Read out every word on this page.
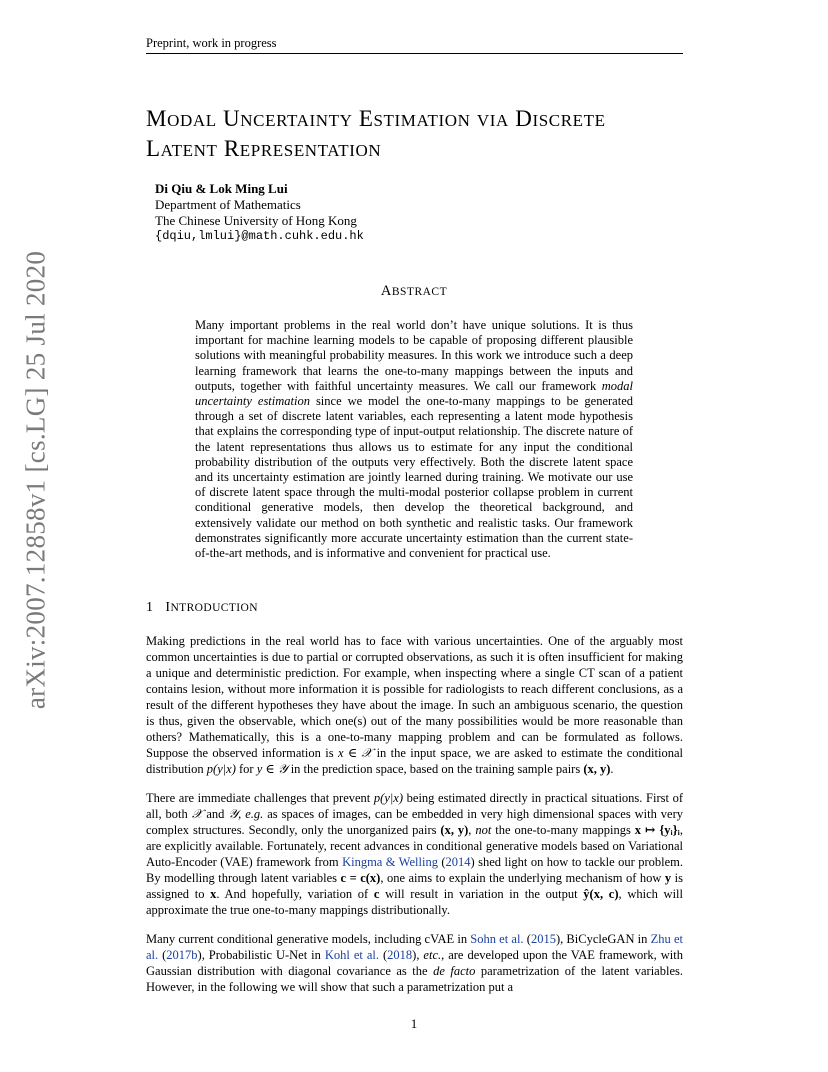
Preprint, work in progress
arXiv:2007.12858v1 [cs.LG] 25 Jul 2020
MODAL UNCERTAINTY ESTIMATION VIA DISCRETE
LATENT REPRESENTATION
Di Qiu & Lok Ming Lui
Department of Mathematics
The Chinese University of Hong Kong
{dqiu,lmlui}@math.cuhk.edu.hk
ABSTRACT
Many important problems in the real world don’t have unique solutions. It is thus important for machine learning models to be capable of proposing different plausible solutions with meaningful probability measures. In this work we introduce such a deep learning framework that learns the one-to-many mappings between the inputs and outputs, together with faithful uncertainty measures. We call our framework modal uncertainty estimation since we model the one-to-many mappings to be generated through a set of discrete latent variables, each representing a latent mode hypothesis that explains the corresponding type of input-output relationship. The discrete nature of the latent representations thus allows us to estimate for any input the conditional probability distribution of the outputs very effectively. Both the discrete latent space and its uncertainty estimation are jointly learned during training. We motivate our use of discrete latent space through the multi-modal posterior collapse problem in current conditional generative models, then develop the theoretical background, and extensively validate our method on both synthetic and realistic tasks. Our framework demonstrates significantly more accurate uncertainty estimation than the current state-of-the-art methods, and is informative and convenient for practical use.
1 INTRODUCTION
Making predictions in the real world has to face with various uncertainties. One of the arguably most common uncertainties is due to partial or corrupted observations, as such it is often insufficient for making a unique and deterministic prediction. For example, when inspecting where a single CT scan of a patient contains lesion, without more information it is possible for radiologists to reach different conclusions, as a result of the different hypotheses they have about the image. In such an ambiguous scenario, the question is thus, given the observable, which one(s) out of the many possibilities would be more reasonable than others? Mathematically, this is a one-to-many mapping problem and can be formulated as follows. Suppose the observed information is x ∈ 𝒳 in the input space, we are asked to estimate the conditional distribution p(y|x) for y ∈ 𝒴 in the prediction space, based on the training sample pairs (x, y).
There are immediate challenges that prevent p(y|x) being estimated directly in practical situations. First of all, both 𝒳 and 𝒴, e.g. as spaces of images, can be embedded in very high dimensional spaces with very complex structures. Secondly, only the unorganized pairs (x, y), not the one-to-many mappings x ↦ {yᵢ}ᵢ, are explicitly available. Fortunately, recent advances in conditional generative models based on Variational Auto-Encoder (VAE) framework from Kingma & Welling (2014) shed light on how to tackle our problem. By modelling through latent variables c = c(x), one aims to explain the underlying mechanism of how y is assigned to x. And hopefully, variation of c will result in variation in the output ŷ(x, c), which will approximate the true one-to-many mappings distributionally.
Many current conditional generative models, including cVAE in Sohn et al. (2015), BiCycleGAN in Zhu et al. (2017b), Probabilistic U-Net in Kohl et al. (2018), etc., are developed upon the VAE framework, with Gaussian distribution with diagonal covariance as the de facto parametrization of the latent variables. However, in the following we will show that such a parametrization put a
1
